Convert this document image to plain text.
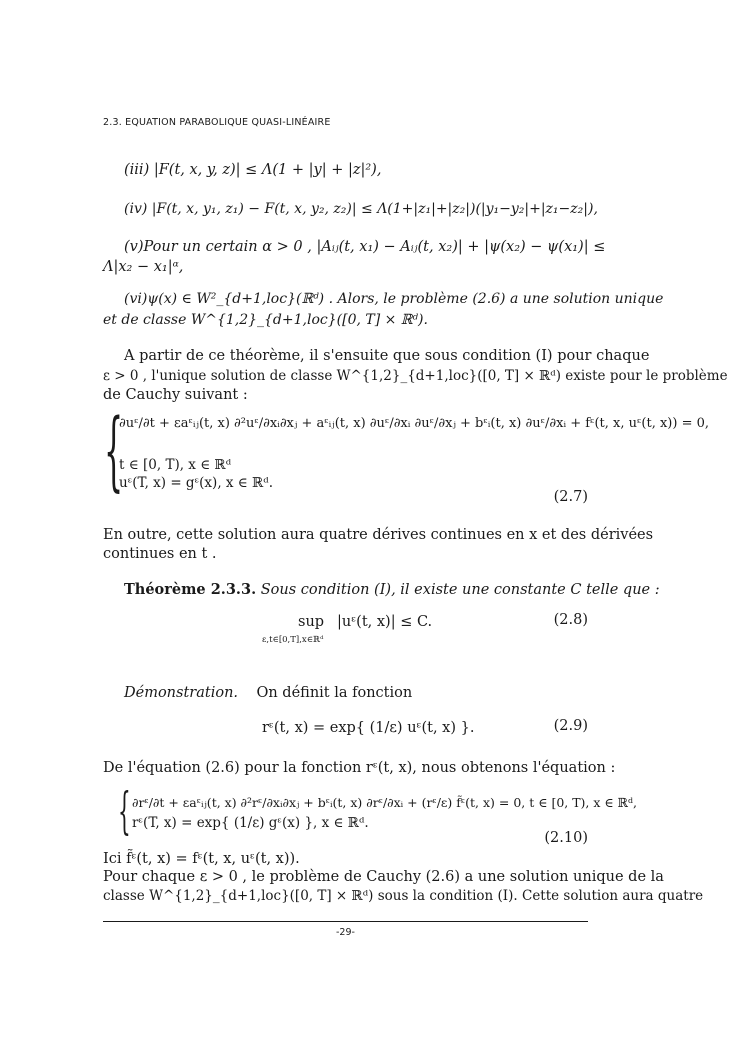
2.3. EQUATION PARABOLIQUE QUASI-LINÉAIRE
(iii) |F(t, x, y, z)| ≤ Λ(1 + |y| + |z|²),
(iv) |F(t, x, y₁, z₁) − F(t, x, y₂, z₂)| ≤ Λ(1+|z₁|+|z₂|)(|y₁−y₂|+|z₁−z₂|),
(v)Pour un certain α > 0 , |Aᵢⱼ(t, x₁) − Aᵢⱼ(t, x₂)| + |ψ(x₂) − ψ(x₁)| ≤
Λ|x₂ − x₁|ᵅ,
(vi)ψ(x) ∈ W²_{d+1,loc}(ℝᵈ) . Alors, le problème (2.6) a une solution unique
et de classe W^{1,2}_{d+1,loc}([0, T] × ℝᵈ).
A partir de ce théorème, il s'ensuite que sous condition (I) pour chaque
ε > 0 , l'unique solution de classe W^{1,2}_{d+1,loc}([0, T] × ℝᵈ) existe pour le problème
de Cauchy suivant :
{
∂uᵋ/∂t + εaᵋᵢⱼ(t, x) ∂²uᵋ/∂xᵢ∂xⱼ + aᵋᵢⱼ(t, x) ∂uᵋ/∂xᵢ ∂uᵋ/∂xⱼ + bᵋᵢ(t, x) ∂uᵋ/∂xᵢ + fᵋ(t, x, uᵋ(t, x)) = 0,
t ∈ [0, T), x ∈ ℝᵈ
uᵋ(T, x) = gᵋ(x), x ∈ ℝᵈ.
(2.7)
En outre, cette solution aura quatre dérives continues en x et des dérivées
continues en t .
Théorème 2.3.3. Sous condition (I), il existe une constante C telle que :
sup |uᵋ(t, x)| ≤ C.
ε,t∈[0,T],x∈ℝᵈ
(2.8)
Démonstration. On définit la fonction
rᵋ(t, x) = exp{ (1/ε) uᵋ(t, x) }.	(2.9)
De l'équation (2.6) pour la fonction rᵋ(t, x), nous obtenons l'équation :
{ ∂rᵋ/∂t + εaᵋᵢⱼ(t, x) ∂²rᵋ/∂xᵢ∂xⱼ + bᵋᵢ(t, x) ∂rᵋ/∂xᵢ + (rᵋ/ε) f̃ᵋ(t, x) = 0, t ∈ [0, T), x ∈ ℝᵈ,
rᵋ(T, x) = exp{ (1/ε) gᵋ(x) }, x ∈ ℝᵈ.
(2.10)
Ici f̃ᵋ(t, x) = fᵋ(t, x, uᵋ(t, x)).
Pour chaque ε > 0 , le problème de Cauchy (2.6) a une solution unique de la
classe W^{1,2}_{d+1,loc}([0, T] × ℝᵈ) sous la condition (I). Cette solution aura quatre
-29-
